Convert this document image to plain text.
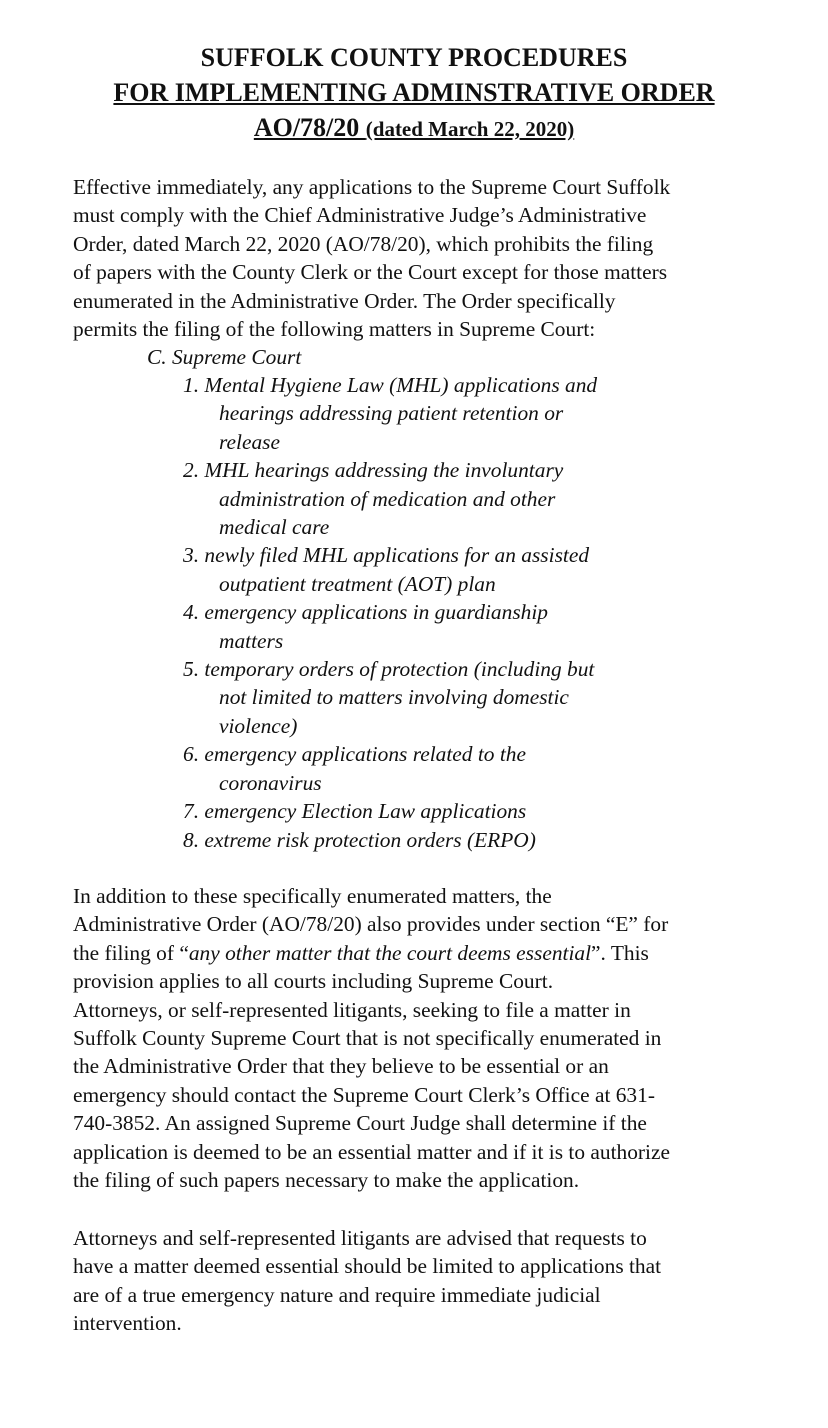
SUFFOLK COUNTY PROCEDURES
FOR IMPLEMENTING ADMINSTRATIVE ORDER
AO/78/20 (dated March 22, 2020)
Effective immediately, any applications to the Supreme Court Suffolk
must comply with the Chief Administrative Judge’s Administrative
Order, dated March 22, 2020 (AO/78/20), which prohibits the filing
of papers with the County Clerk or the Court except for those matters
enumerated in the Administrative Order. The Order specifically
permits the filing of the following matters in Supreme Court:
C. Supreme Court
1. Mental Hygiene Law (MHL) applications and
hearings addressing patient retention or
release
2. MHL hearings addressing the involuntary
administration of medication and other
medical care
3. newly filed MHL applications for an assisted
outpatient treatment (AOT) plan
4. emergency applications in guardianship
matters
5. temporary orders of protection (including but
not limited to matters involving domestic
violence)
6. emergency applications related to the
coronavirus
7. emergency Election Law applications
8. extreme risk protection orders (ERPO)
In addition to these specifically enumerated matters, the
Administrative Order (AO/78/20) also provides under section “E” for
the filing of “any other matter that the court deems essential”. This
provision applies to all courts including Supreme Court.
Attorneys, or self-represented litigants, seeking to file a matter in
Suffolk County Supreme Court that is not specifically enumerated in
the Administrative Order that they believe to be essential or an
emergency should contact the Supreme Court Clerk’s Office at 631-
740-3852. An assigned Supreme Court Judge shall determine if the
application is deemed to be an essential matter and if it is to authorize
the filing of such papers necessary to make the application.
Attorneys and self-represented litigants are advised that requests to
have a matter deemed essential should be limited to applications that
are of a true emergency nature and require immediate judicial
intervention.
